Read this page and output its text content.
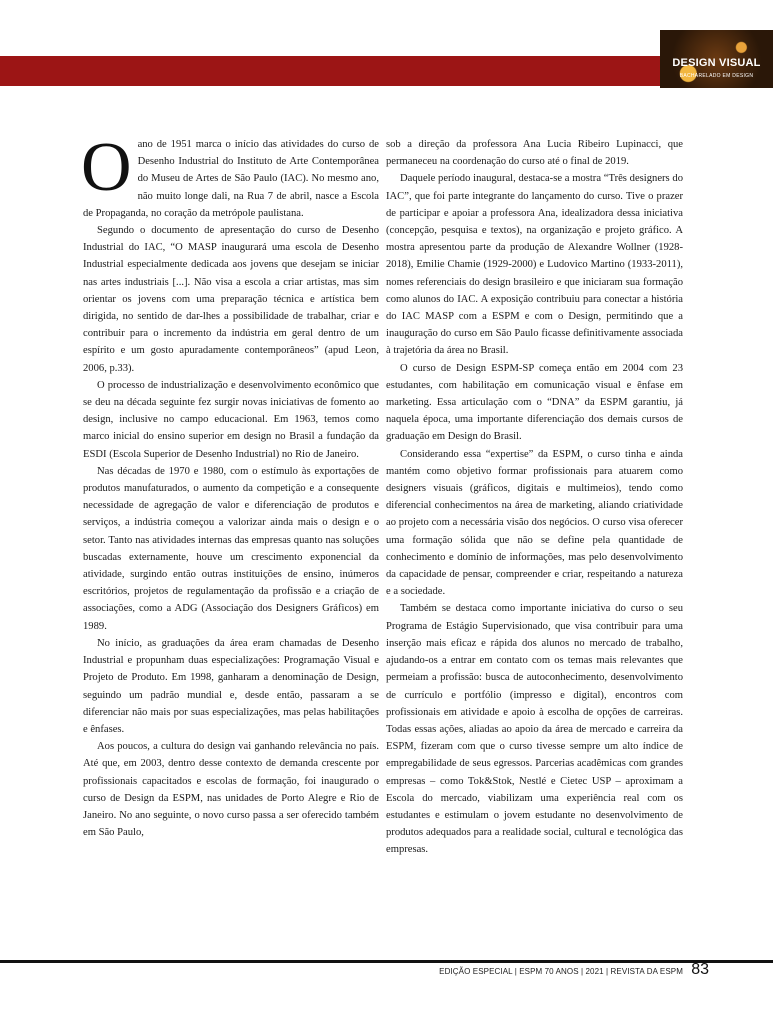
DESIGN VISUAL
BACHARELADO EM DESIGN

Oano de 1951 marca o início das atividades do curso de Desenho Industrial do Instituto de Arte Contemporânea do Museu de Artes de São Paulo (IAC). No mesmo ano, não muito longe dali, na Rua 7 de abril, nasce a Escola de Propaganda, no coração da metrópole paulistana.

Segundo o documento de apresentação do curso de Desenho Industrial do IAC, “O MASP inaugurará uma escola de Desenho Industrial especialmente dedicada aos jovens que desejam se iniciar nas artes industriais [...]. Não visa a escola a criar artistas, mas sim orientar os jovens com uma preparação técnica e artística bem dirigida, no sentido de dar-lhes a possibilidade de trabalhar, criar e contribuir para o incremento da indústria em geral dentro de um espírito e um gosto apuradamente contemporâneos” (apud Leon, 2006, p.33).

O processo de industrialização e desenvolvimento econômico que se deu na década seguinte fez surgir novas iniciativas de fomento ao design, inclusive no campo educacional. Em 1963, temos como marco inicial do ensino superior em design no Brasil a fundação da ESDI (Escola Superior de Desenho Industrial) no Rio de Janeiro.

Nas décadas de 1970 e 1980, com o estímulo às exportações de produtos manufaturados, o aumento da competição e a consequente necessidade de agregação de valor e diferenciação de produtos e serviços, a indústria começou a valorizar ainda mais o design e o setor. Tanto nas atividades internas das empresas quanto nas soluções buscadas externamente, houve um crescimento exponencial da atividade, surgindo então outras instituições de ensino, inúmeros escritórios, projetos de regulamentação da profissão e a criação de associações, como a ADG (Associação dos Designers Gráficos) em 1989.

No início, as graduações da área eram chamadas de Desenho Industrial e propunham duas especializações: Programação Visual e Projeto de Produto. Em 1998, ganharam a denominação de Design, seguindo um padrão mundial e, desde então, passaram a se diferenciar não mais por suas especializações, mas pelas habilitações e ênfases.

Aos poucos, a cultura do design vai ganhando relevância no país. Até que, em 2003, dentro desse contexto de demanda crescente por profissionais capacitados e escolas de formação, foi inaugurado o curso de Design da ESPM, nas unidades de Porto Alegre e Rio de Janeiro. No ano seguinte, o novo curso passa a ser oferecido também em São Paulo,

sob a direção da professora Ana Lucia Ribeiro Lupinacci, que permaneceu na coordenação do curso até o final de 2019.

Daquele período inaugural, destaca-se a mostra “Três designers do IAC”, que foi parte integrante do lançamento do curso. Tive o prazer de participar e apoiar a professora Ana, idealizadora dessa iniciativa (concepção, pesquisa e textos), na organização e projeto gráfico. A mostra apresentou parte da produção de Alexandre Wollner (1928-2018), Emilie Chamie (1929-2000) e Ludovico Martino (1933-2011), nomes referenciais do design brasileiro e que iniciaram sua formação como alunos do IAC. A exposição contribuiu para conectar a história do IAC MASP com a ESPM e com o Design, permitindo que a inauguração do curso em São Paulo ficasse definitivamente associada à trajetória da área no Brasil.

O curso de Design ESPM-SP começa então em 2004 com 23 estudantes, com habilitação em comunicação visual e ênfase em marketing. Essa articulação com o “DNA” da ESPM garantiu, já naquela época, uma importante diferenciação dos demais cursos de graduação em Design do Brasil.

Considerando essa “expertise” da ESPM, o curso tinha e ainda mantém como objetivo formar profissionais para atuarem como designers visuais (gráficos, digitais e multimeios), tendo como diferencial conhecimentos na área de marketing, aliando criatividade ao projeto com a necessária visão dos negócios. O curso visa oferecer uma formação sólida que não se define pela quantidade de conhecimento e domínio de informações, mas pelo desenvolvimento da capacidade de pensar, compreender e criar, respeitando a natureza e a sociedade.

Também se destaca como importante iniciativa do curso o seu Programa de Estágio Supervisionado, que visa contribuir para uma inserção mais eficaz e rápida dos alunos no mercado de trabalho, ajudando-os a entrar em contato com os temas mais relevantes que permeiam a profissão: busca de autoconhecimento, desenvolvimento de currículo e portfólio (impresso e digital), encontros com profissionais em atividade e apoio à escolha de opções de carreiras. Todas essas ações, aliadas ao apoio da área de mercado e carreira da ESPM, fizeram com que o curso tivesse sempre um alto índice de empregabilidade de seus egressos. Parcerias acadêmicas com grandes empresas – como Tok&Stok, Nestlé e Cietec USP – aproximam a Escola do mercado, viabilizam uma experiência real com os estudantes e estimulam o jovem estudante no desenvolvimento de produtos adequados para a realidade social, cultural e tecnológica das empresas.

EDIÇÃO ESPECIAL | ESPM 70 ANOS | 2021 | REVISTA DA ESPM 83
